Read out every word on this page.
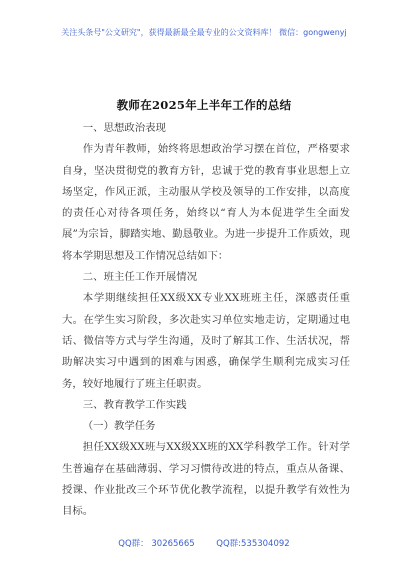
关注头条号"公文研究"，获得最新最全最专业的公文资料库！ 微信：gongwenyj
教师在2025年上半年工作的总结

一、思想政治表现

作为青年教师，始终将思想政治学习摆在首位，严格要求自身，坚决贯彻党的教育方针，忠诚于党的教育事业思想上立场坚定，作风正派，主动服从学校及领导的工作安排，以高度的责任心对待各项任务，始终以“育人为本促进学生全面发展”为宗旨，脚踏实地、勤恳敬业。为进一步提升工作质效，现将本学期思想及工作情况总结如下：

二、班主任工作开展情况

本学期继续担任XX级XX专业XX班班主任，深感责任重大。在学生实习阶段，多次赴实习单位实地走访，定期通过电话、微信等方式与学生沟通，及时了解其工作、生活状况，帮助解决实习中遇到的困难与困惑，确保学生顺利完成实习任务，较好地履行了班主任职责。

三、教育教学工作实践

（一）教学任务

担任XX级XX班与XX级XX班的XX学科教学工作。针对学生普遍存在基础薄弱、学习习惯待改进的特点，重点从备课、授课、作业批改三个环节优化教学流程，以提升教学有效性为目标。

QQ群： 30265665        QQ群:535304092
